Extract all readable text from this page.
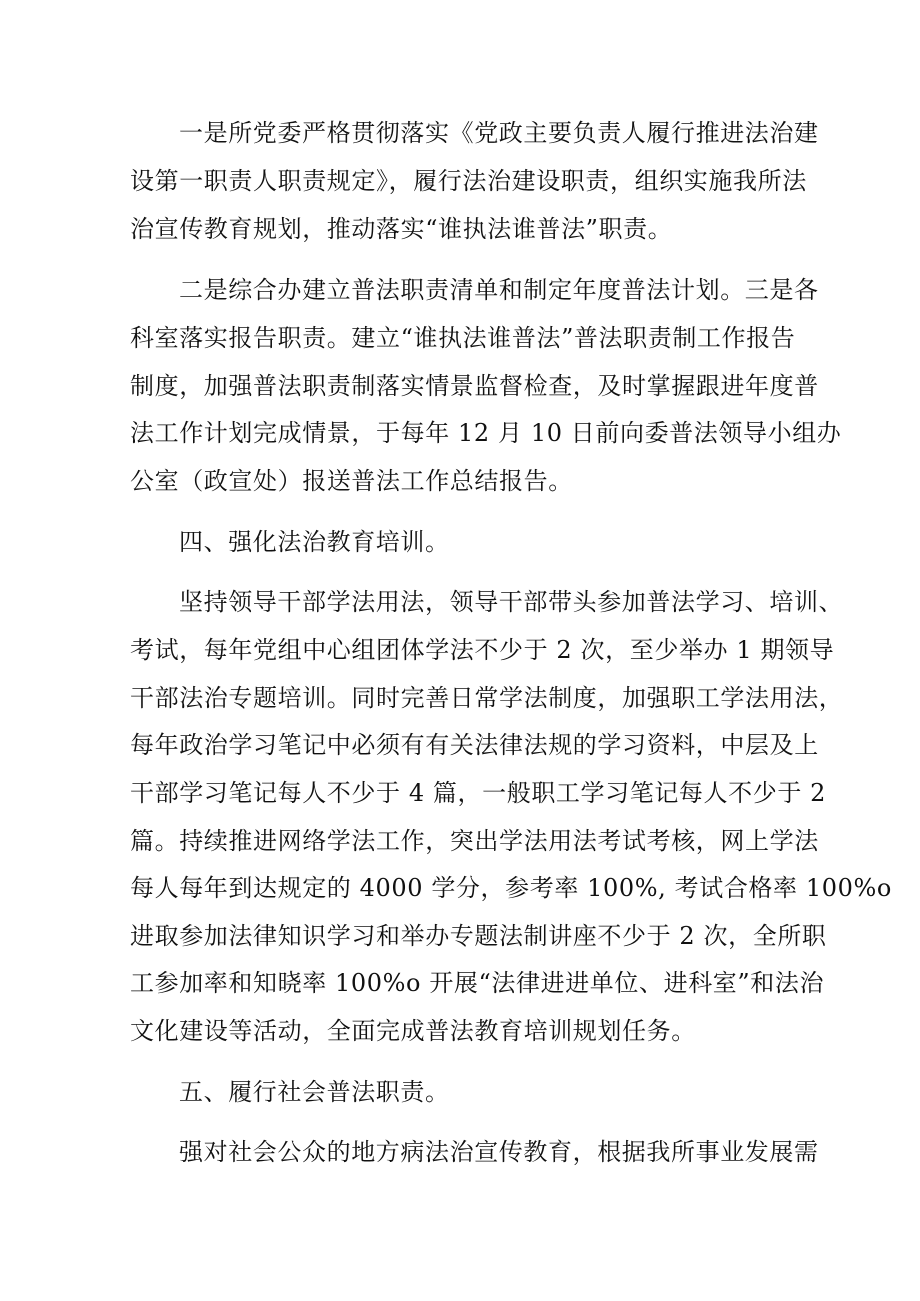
一是所党委严格贯彻落实《党政主要负责人履行推进法治建
设第一职责人职责规定》，履行法治建设职责，组织实施我所法
治宣传教育规划，推动落实“谁执法谁普法”职责。
二是综合办建立普法职责清单和制定年度普法计划。三是各
科室落实报告职责。建立“谁执法谁普法”普法职责制工作报告
制度，加强普法职责制落实情景监督检查，及时掌握跟进年度普
法工作计划完成情景，于每年 12 月 10 日前向委普法领导小组办
公室（政宣处）报送普法工作总结报告。
四、强化法治教育培训。
坚持领导干部学法用法，领导干部带头参加普法学习、培训、
考试，每年党组中心组团体学法不少于 2 次，至少举办 1 期领导
干部法治专题培训。同时完善日常学法制度，加强职工学法用法，
每年政治学习笔记中必须有有关法律法规的学习资料，中层及上
干部学习笔记每人不少于 4 篇，一般职工学习笔记每人不少于 2
篇。持续推进网络学法工作，突出学法用法考试考核，网上学法
每人每年到达规定的 4000 学分，参考率 100%, 考试合格率 100%o
进取参加法律知识学习和举办专题法制讲座不少于 2 次，全所职
工参加率和知晓率 100%o 开展“法律进进单位、进科室”和法治
文化建设等活动，全面完成普法教育培训规划任务。
五、履行社会普法职责。
强对社会公众的地方病法治宣传教育，根据我所事业发展需
